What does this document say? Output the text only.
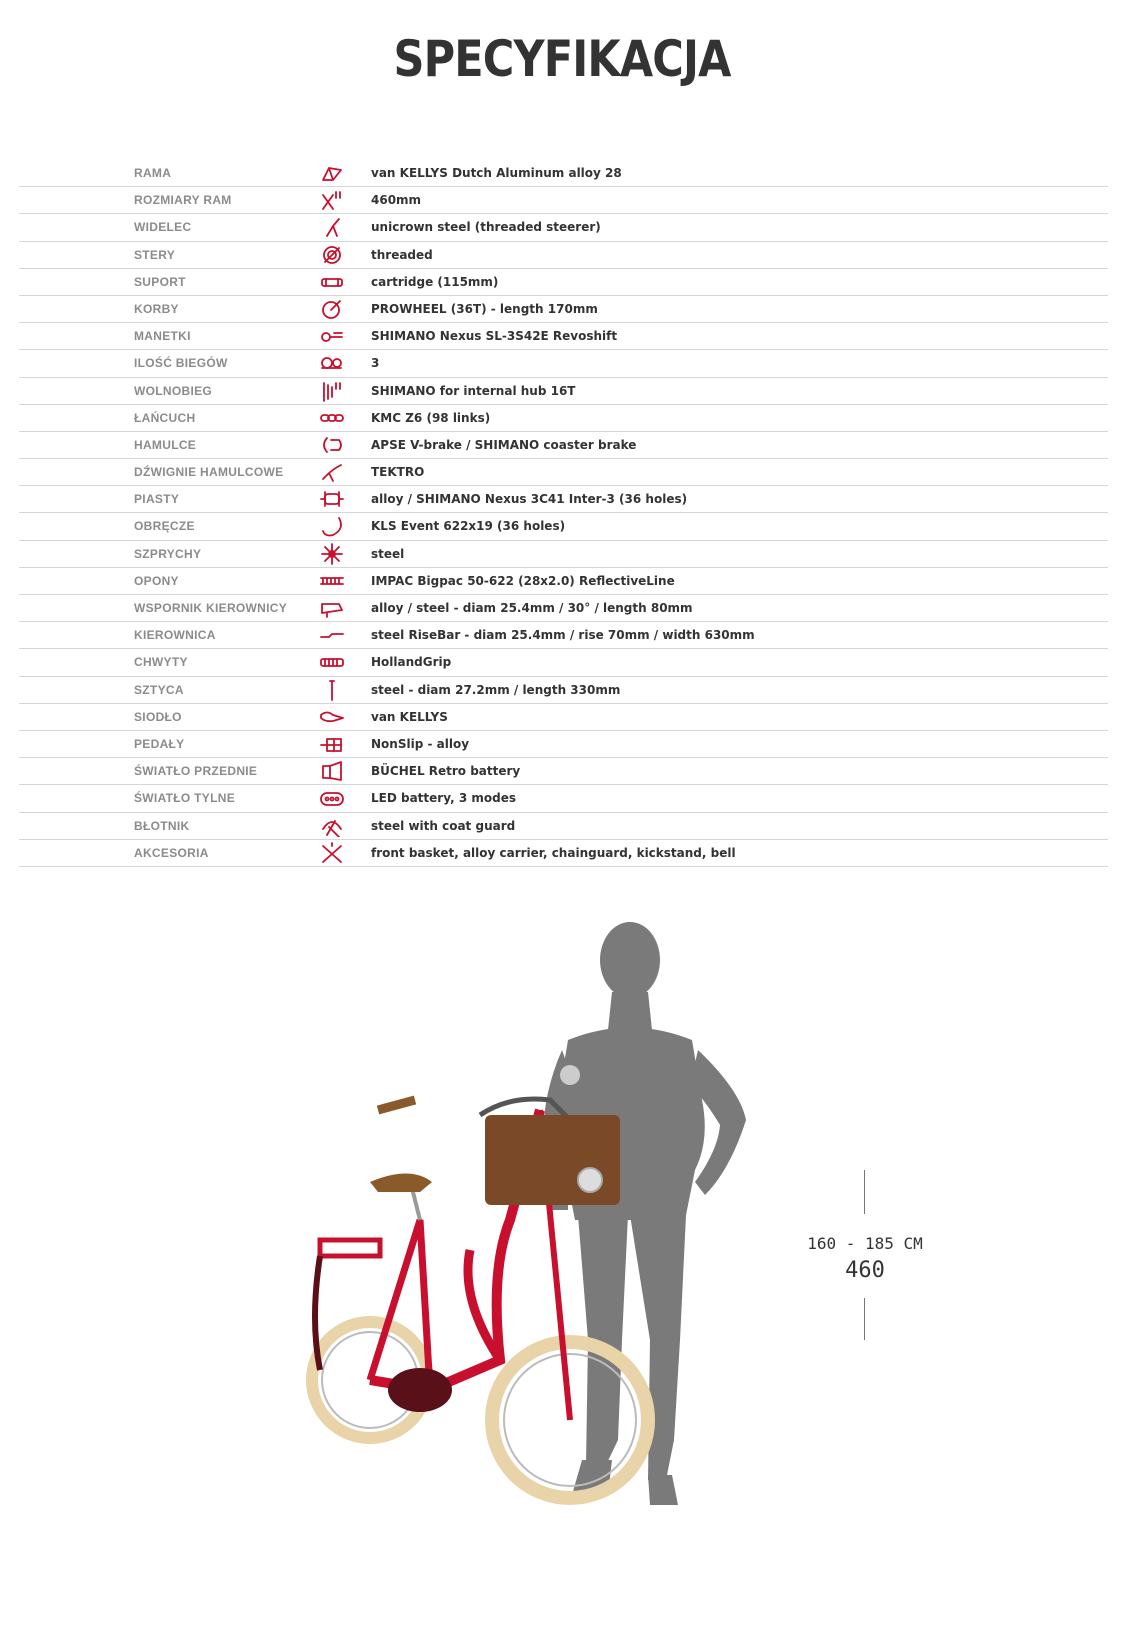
SPECYFIKACJA
RAMA	van KELLYS Dutch Aluminum alloy 28
ROZMIARY RAM	460mm
WIDELEC	unicrown steel (threaded steerer)
STERY	threaded
SUPORT	cartridge (115mm)
KORBY	PROWHEEL (36T) - length 170mm
MANETKI	SHIMANO Nexus SL-3S42E Revoshift
ILOŚĆ BIEGÓW	3
WOLNOBIEG	SHIMANO for internal hub 16T
ŁAŃCUCH	KMC Z6 (98 links)
HAMULCE	APSE V-brake / SHIMANO coaster brake
DŹWIGNIE HAMULCOWE	TEKTRO
PIASTY	alloy / SHIMANO Nexus 3C41 Inter-3 (36 holes)
OBRĘCZE	KLS Event 622x19 (36 holes)
SZPRYCHY	steel
OPONY	IMPAC Bigpac 50-622 (28x2.0) ReflectiveLine
WSPORNIK KIEROWNICY	alloy / steel - diam 25.4mm / 30° / length 80mm
KIEROWNICA	steel RiseBar - diam 25.4mm / rise 70mm / width 630mm
CHWYTY	HollandGrip
SZTYCA	steel - diam 27.2mm / length 330mm
SIODŁO	van KELLYS
PEDAŁY	NonSlip - alloy
ŚWIATŁO PRZEDNIE	BÜCHEL Retro battery
ŚWIATŁO TYLNE	LED battery, 3 modes
BŁOTNIK	steel with coat guard
AKCESORIA	front basket, alloy carrier, chainguard, kickstand, bell
160 - 185 CM
460
